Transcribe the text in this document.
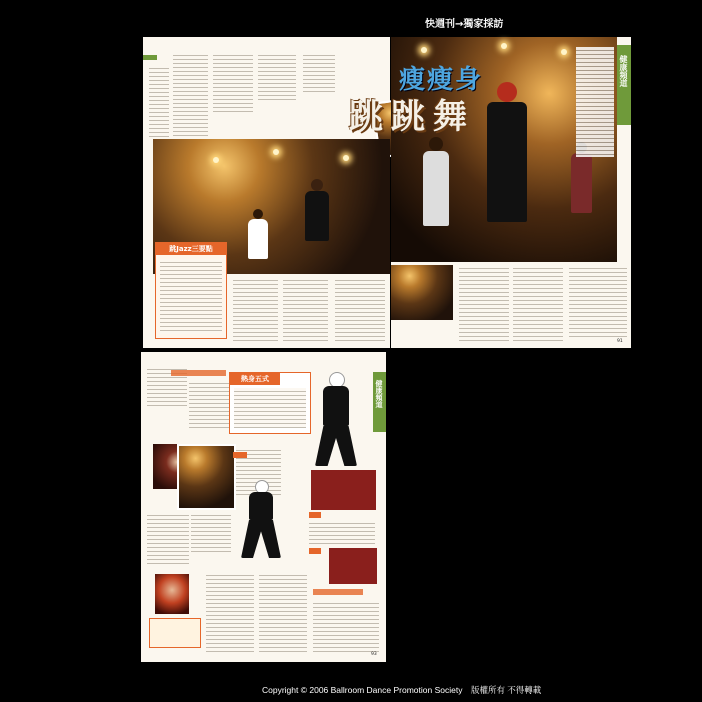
快週刊→獨家採訪
跳Jazz三要點
瘦瘦身
跳跳舞
健康頻道
91
熱身五式
健康頻道
93
Copyright © 2006 Ballroom Dance Promotion Society　版權所有 不得轉載
